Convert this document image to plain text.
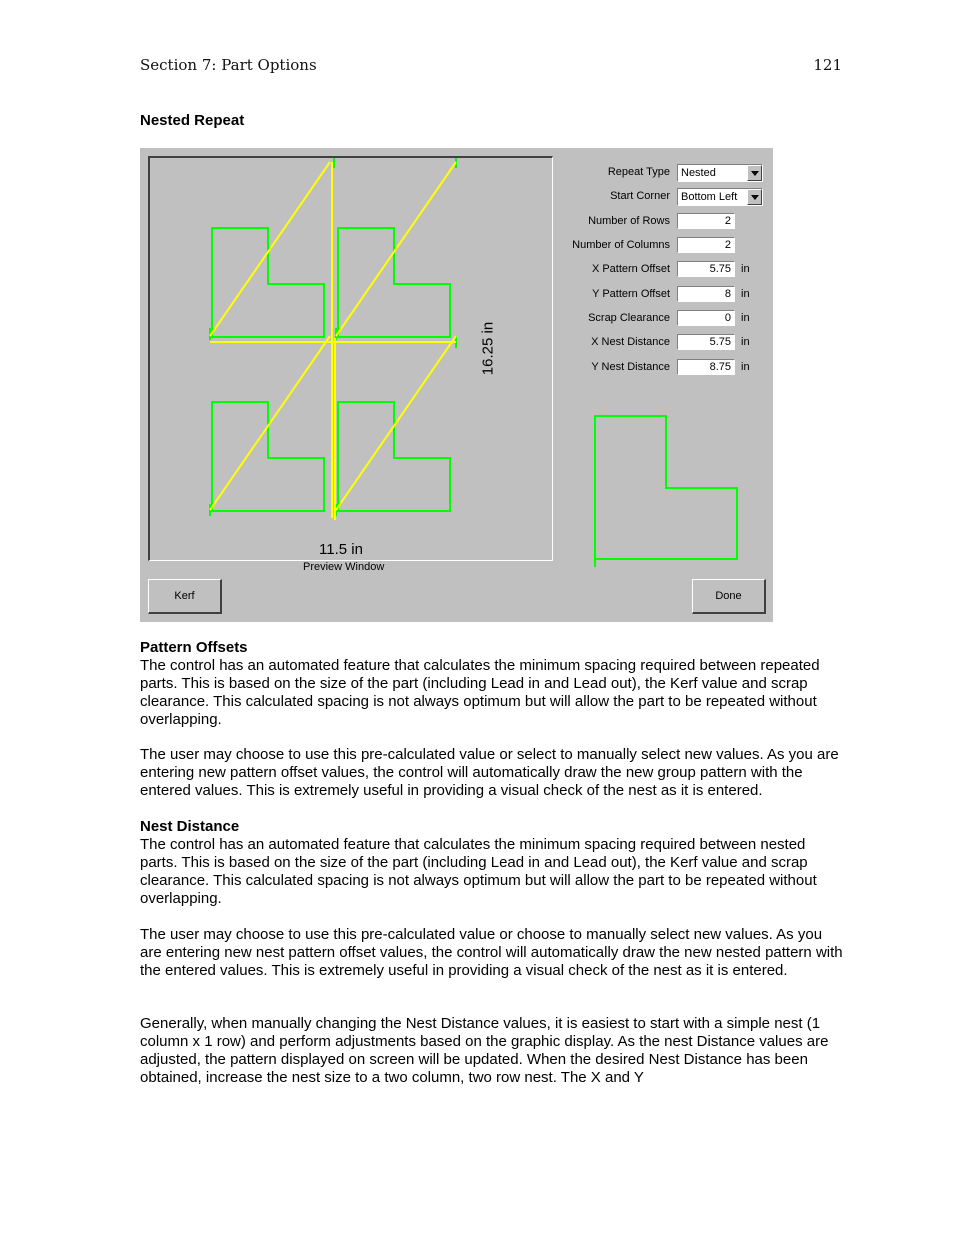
Section 7: Part Options	121
Nested Repeat
11.5 in
16.25 in
Preview Window
Repeat Type Nested
Start Corner Bottom Left
Number of Rows	2
Number of Columns	2
X Pattern Offset	5.75 in
Y Pattern Offset	8 in
Scrap Clearance	0 in
X Nest Distance	5.75 in
Y Nest Distance	8.75 in
Kerf	Done
Pattern Offsets

The control has an automated feature that calculates the minimum spacing required between repeated parts. This is based on the size of the part (including Lead in and Lead out), the Kerf value and scrap clearance. This calculated spacing is not always optimum but will allow the part to be repeated without overlapping.

The user may choose to use this pre-calculated value or select to manually select new values. As you are entering new pattern offset values, the control will automatically draw the new group pattern with the entered values. This is extremely useful in providing a visual check of the nest as it is entered.

Nest Distance

The control has an automated feature that calculates the minimum spacing required between nested parts. This is based on the size of the part (including Lead in and Lead out), the Kerf value and scrap clearance. This calculated spacing is not always optimum but will allow the part to be repeated without overlapping.

The user may choose to use this pre-calculated value or choose to manually select new values. As you are entering new nest pattern offset values, the control will automatically draw the new nested pattern with the entered values. This is extremely useful in providing a visual check of the nest as it is entered.

Generally, when manually changing the Nest Distance values, it is easiest to start with a simple nest (1 column x 1 row) and perform adjustments based on the graphic display. As the nest Distance values are adjusted, the pattern displayed on screen will be updated. When the desired Nest Distance has been obtained, increase the nest size to a two column, two row nest. The X and Y
